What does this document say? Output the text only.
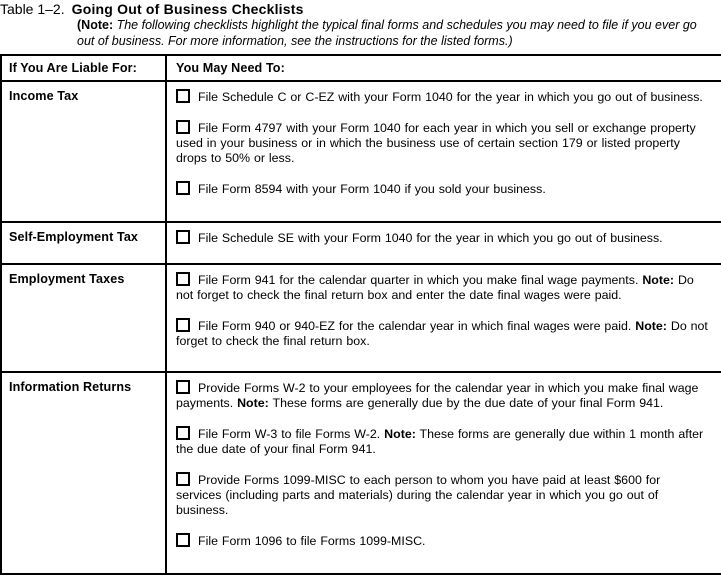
Table 1–2. Going Out of Business Checklists
(Note: The following checklists highlight the typical final forms and schedules you may need to file if you ever go out of business. For more information, see the instructions for the listed forms.)
If You Are Liable For:	You May Need To:
Income Tax	File Schedule C or C-EZ with your Form 1040 for the year in which you go out of business.
File Form 4797 with your Form 1040 for each year in which you sell or exchange property used in your business or in which the business use of certain section 179 or listed property drops to 50% or less.
File Form 8594 with your Form 1040 if you sold your business.

Self-Employment Tax	File Schedule SE with your Form 1040 for the year in which you go out of business.

Employment Taxes	File Form 941 for the calendar quarter in which you make final wage payments. Note: Do not forget to check the final return box and enter the date final wages were paid.
File Form 940 or 940-EZ for the calendar year in which final wages were paid. Note: Do not forget to check the final return box.

Information Returns	Provide Forms W-2 to your employees for the calendar year in which you make final wage payments. Note: These forms are generally due by the due date of your final Form 941.
File Form W-3 to file Forms W-2. Note: These forms are generally due within 1 month after the due date of your final Form 941.
Provide Forms 1099-MISC to each person to whom you have paid at least $600 for services (including parts and materials) during the calendar year in which you go out of business.
File Form 1096 to file Forms 1099-MISC.
